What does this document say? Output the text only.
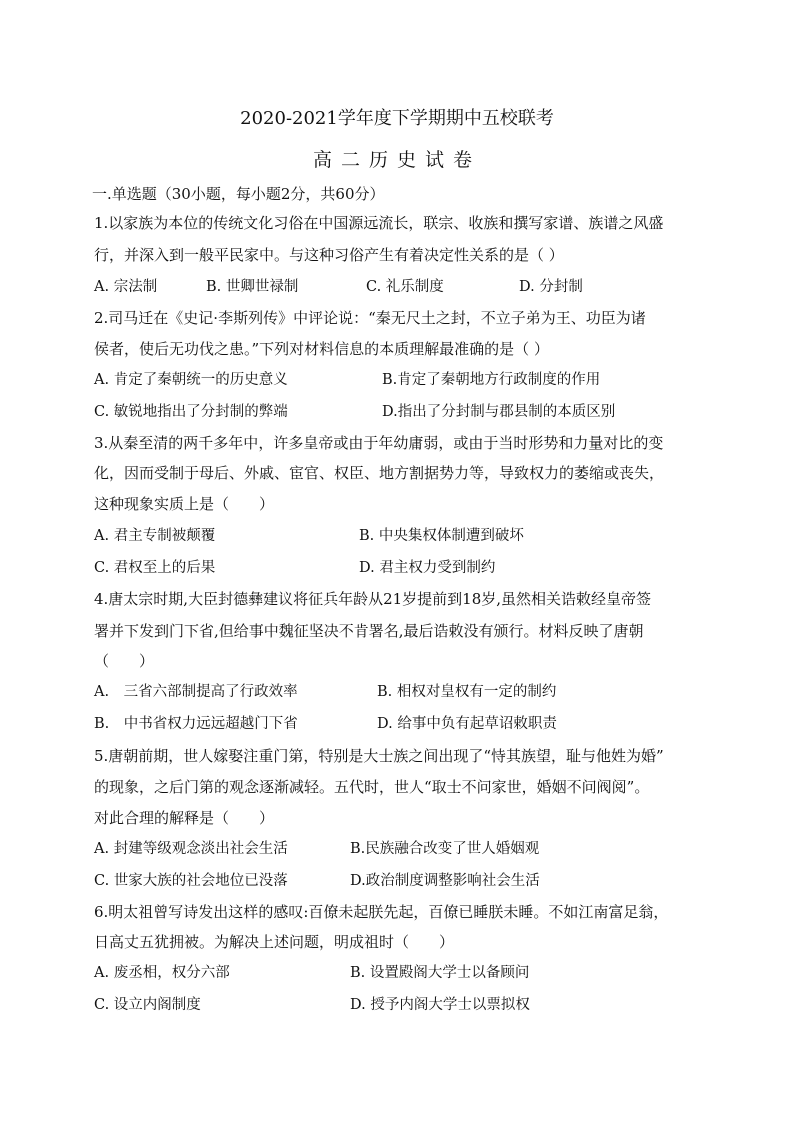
2020-2021学年度下学期期中五校联考
高二历史试卷
一.单选题（30小题，每小题2分，共60分）
1.以家族为本位的传统文化习俗在中国源远流长，联宗、收族和撰写家谱、族谱之风盛
行，并深入到一般平民家中。与这种习俗产生有着决定性关系的是（ ）
A. 宗法制	B. 世卿世禄制	C. 礼乐制度	D. 分封制
2.司马迁在《史记·李斯列传》中评论说：“秦无尺土之封，不立子弟为王、功臣为诸
侯者，使后无功伐之患。”下列对材料信息的本质理解最准确的是（ ）
A. 肯定了秦朝统一的历史意义	B.肯定了秦朝地方行政制度的作用
C. 敏锐地指出了分封制的弊端	D.指出了分封制与郡县制的本质区别
3.从秦至清的两千多年中，许多皇帝或由于年幼庸弱，或由于当时形势和力量对比的变
化，因而受制于母后、外戚、宦官、权臣、地方割据势力等，导致权力的萎缩或丧失，
这种现象实质上是（　　）
A. 君主专制被颠覆	B. 中央集权体制遭到破坏
C. 君权至上的后果	D. 君主权力受到制约
4.唐太宗时期,大臣封德彝建议将征兵年龄从21岁提前到18岁,虽然相关诰敕经皇帝签
署并下发到门下省,但给事中魏征坚决不肯署名,最后诰敕没有颁行。材料反映了唐朝
（　　）
A.　三省六部制提高了行政效率	B. 相权对皇权有一定的制约
B.　中书省权力远远超越门下省	D. 给事中负有起草诏敕职责
5.唐朝前期，世人嫁娶注重门第，特别是大士族之间出现了“恃其族望，耻与他姓为婚”
的现象，之后门第的观念逐渐减轻。五代时，世人“取士不问家世，婚姻不问阀阅”。
对此合理的解释是（　　）
A. 封建等级观念淡出社会生活	B.民族融合改变了世人婚姻观
C. 世家大族的社会地位已没落	D.政治制度调整影响社会生活
6.明太祖曾写诗发出这样的感叹:百僚未起朕先起，百僚已睡朕未睡。不如江南富足翁，
日高丈五犹拥被。为解决上述问题，明成祖时（　　）
A. 废丞相，权分六部	B. 设置殿阁大学士以备顾问
C. 设立内阁制度	D. 授予内阁大学士以票拟权
